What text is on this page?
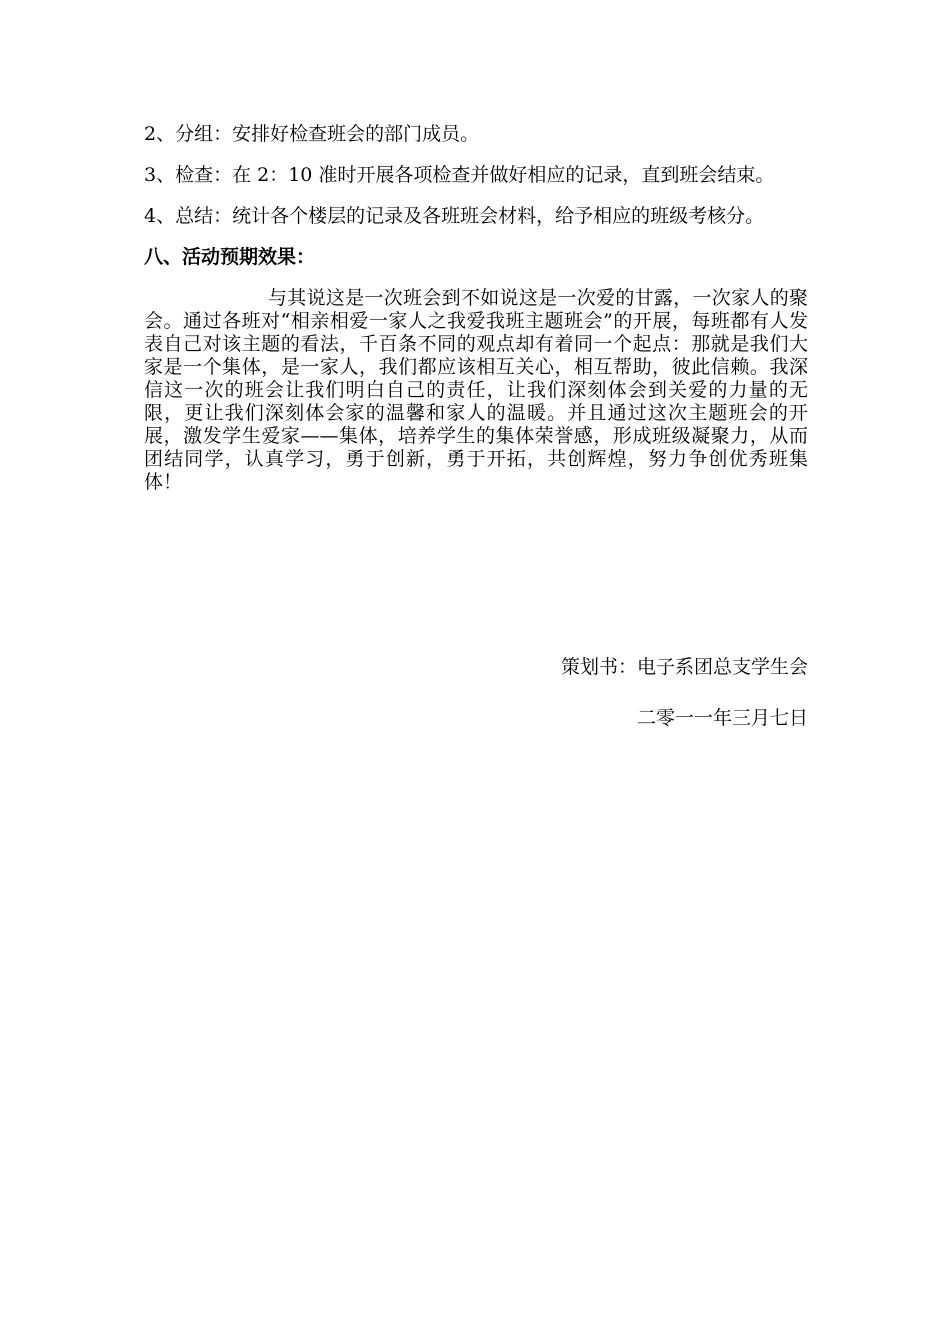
2、分组：安排好检查班会的部门成员。

3、检查：在 2：10 准时开展各项检查并做好相应的记录，直到班会结束。

4、总结：统计各个楼层的记录及各班班会材料，给予相应的班级考核分。

八、活动预期效果：

与其说这是一次班会到不如说这是一次爱的甘露，一次家人的聚会。通过各班对“相亲相爱一家人之我爱我班主题班会”的开展，每班都有人发表自己对该主题的看法，千百条不同的观点却有着同一个起点：那就是我们大家是一个集体，是一家人，我们都应该相互关心，相互帮助，彼此信赖。我深信这一次的班会让我们明白自己的责任，让我们深刻体会到关爱的力量的无限，更让我们深刻体会家的温馨和家人的温暖。并且通过这次主题班会的开展，激发学生爱家——集体，培养学生的集体荣誉感，形成班级凝聚力，从而团结同学，认真学习，勇于创新，勇于开拓，共创辉煌，努力争创优秀班集体！

策划书：电子系团总支学生会
二零一一年三月七日
